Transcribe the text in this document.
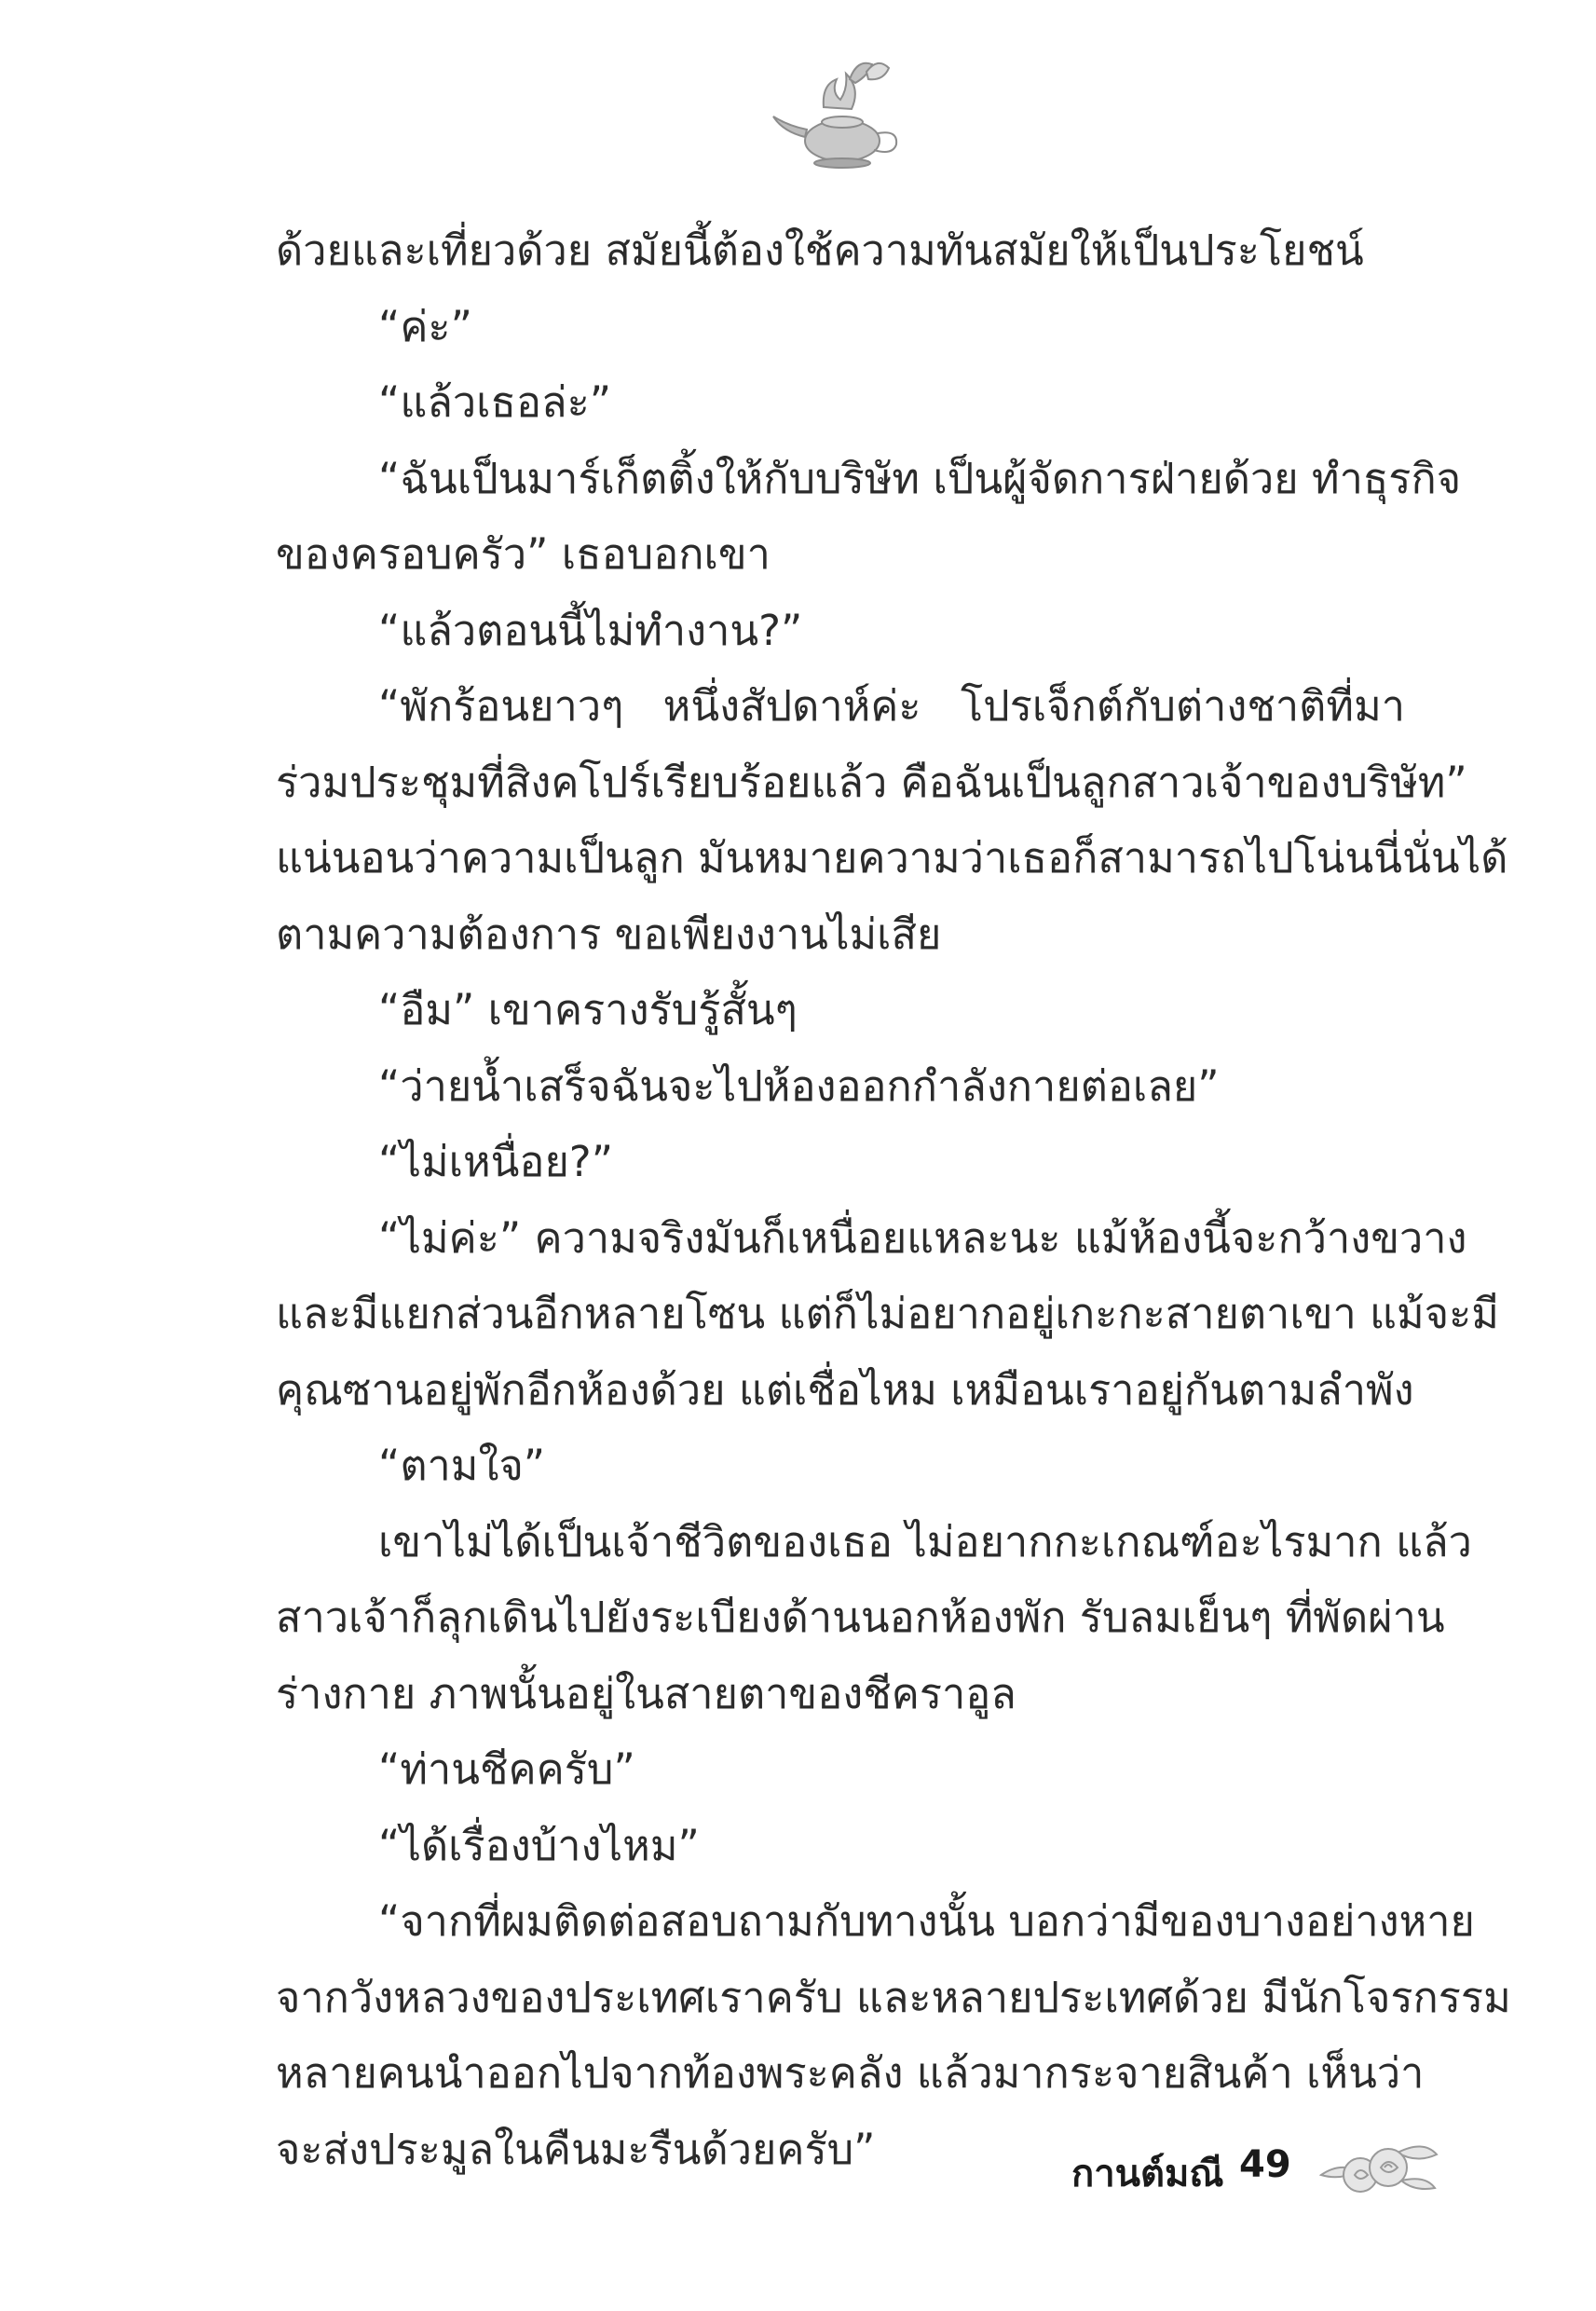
ด้วยและเที่ยวด้วย สมัยนี้ต้องใช้ความทันสมัยให้เป็นประโยชน์
“ค่ะ”
“แล้วเธอล่ะ”
“ฉันเป็นมาร์เก็ตติ้งให้กับบริษัท เป็นผู้จัดการฝ่ายด้วย ทำธุรกิจ
ของครอบครัว” เธอบอกเขา
“แล้วตอนนี้ไม่ทำงาน?”
“พักร้อนยาวๆ หนึ่งสัปดาห์ค่ะ โปรเจ็กต์กับต่างชาติที่มา
ร่วมประชุมที่สิงคโปร์เรียบร้อยแล้ว คือฉันเป็นลูกสาวเจ้าของบริษัท”
แน่นอนว่าความเป็นลูก มันหมายความว่าเธอก็สามารถไปโน่นนี่นั่นได้
ตามความต้องการ ขอเพียงงานไม่เสีย
“อืม” เขาครางรับรู้สั้นๆ
“ว่ายน้ำเสร็จฉันจะไปห้องออกกำลังกายต่อเลย”
“ไม่เหนื่อย?”
“ไม่ค่ะ” ความจริงมันก็เหนื่อยแหละนะ แม้ห้องนี้จะกว้างขวาง
และมีแยกส่วนอีกหลายโซน แต่ก็ไม่อยากอยู่เกะกะสายตาเขา แม้จะมี
คุณซานอยู่พักอีกห้องด้วย แต่เชื่อไหม เหมือนเราอยู่กันตามลำพัง
“ตามใจ”
เขาไม่ได้เป็นเจ้าชีวิตของเธอ ไม่อยากกะเกณฑ์อะไรมาก แล้ว
สาวเจ้าก็ลุกเดินไปยังระเบียงด้านนอกห้องพัก รับลมเย็นๆ ที่พัดผ่าน
ร่างกาย ภาพนั้นอยู่ในสายตาของชีคราอูล
“ท่านชีคครับ”
“ได้เรื่องบ้างไหม”
“จากที่ผมติดต่อสอบถามกับทางนั้น บอกว่ามีของบางอย่างหาย
จากวังหลวงของประเทศเราครับ และหลายประเทศด้วย มีนักโจรกรรม
หลายคนนำออกไปจากท้องพระคลัง แล้วมากระจายสินค้า เห็นว่า
จะส่งประมูลในคืนมะรืนด้วยครับ”
กานต์มณี 49
